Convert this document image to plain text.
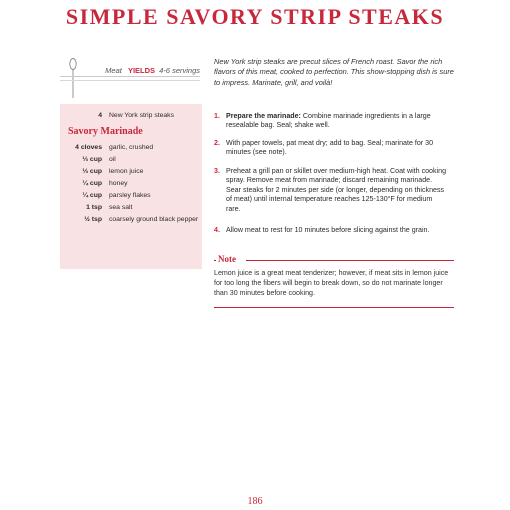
SIMPLE SAVORY STRIP STEAKS
Meat YIELDS 4-6 servings
4 New York strip steaks
Savory Marinade
4 cloves garlic, crushed
⅓ cup oil
⅓ cup lemon juice
¼ cup honey
¼ cup parsley flakes
1 tsp sea salt
½ tsp coarsely ground black pepper
New York strip steaks are precut slices of French roast. Savor the rich flavors of this meat, cooked to perfection. This show-stopping dish is sure to impress. Marinate, grill, and voilà!
1. Prepare the marinade: Combine marinade ingredients in a large resealable bag. Seal; shake well.
2. With paper towels, pat meat dry; add to bag. Seal; marinate for 30 minutes (see note).
3. Preheat a grill pan or skillet over medium-high heat. Coat with cooking spray. Remove meat from marinade; discard remaining marinade. Sear steaks for 2 minutes per side (or longer, depending on thickness of meat) until internal temperature reaches 125-130°F for medium rare.
4. Allow meat to rest for 10 minutes before slicing against the grain.
Note
Lemon juice is a great meat tenderizer; however, if meat sits in lemon juice for too long the fibers will begin to break down, so do not marinate longer than 30 minutes before cooking.
186
